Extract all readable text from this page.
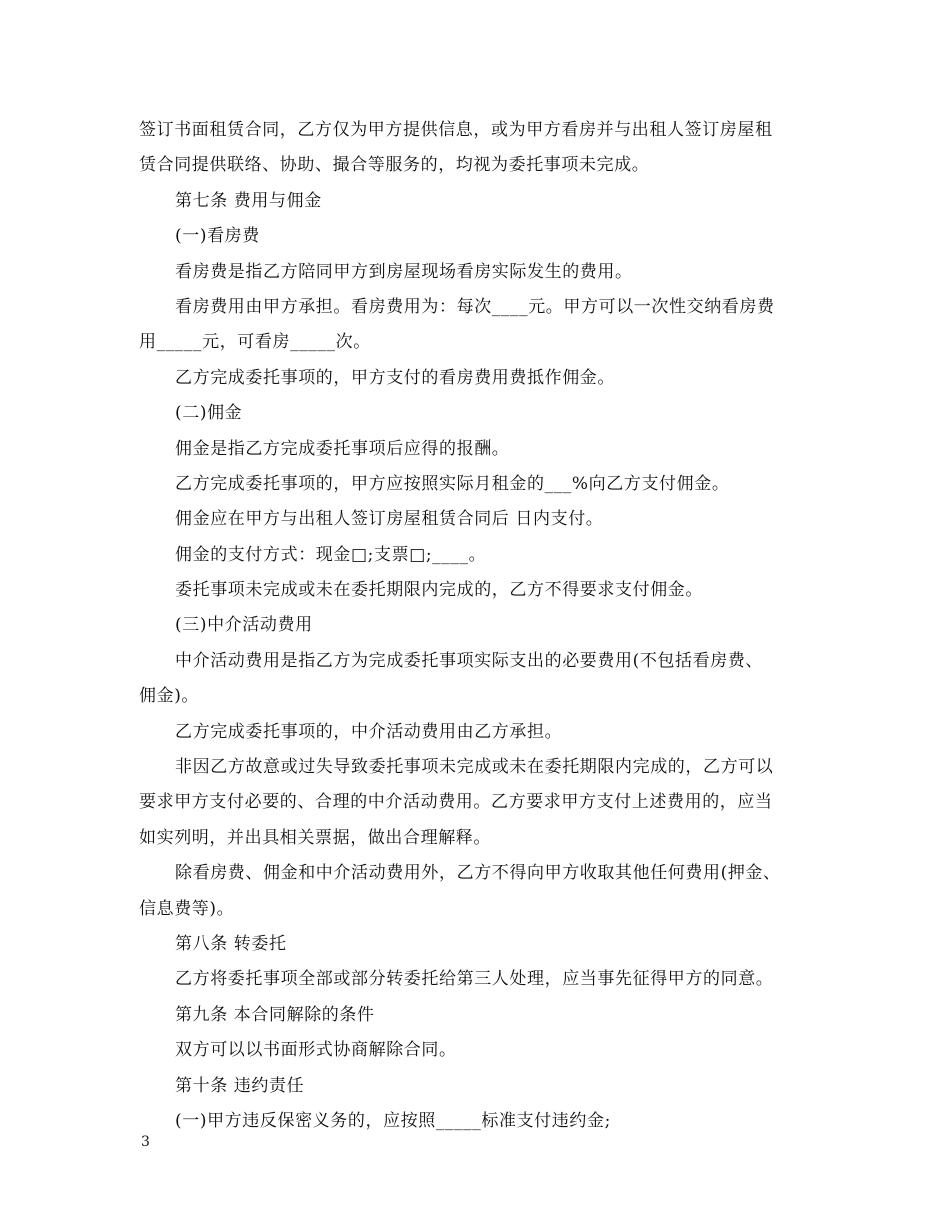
签订书面租赁合同，乙方仅为甲方提供信息，或为甲方看房并与出租人签订房屋租
赁合同提供联络、协助、撮合等服务的，均视为委托事项未完成。
第七条 费用与佣金
(一)看房费
看房费是指乙方陪同甲方到房屋现场看房实际发生的费用。
看房费用由甲方承担。看房费用为：每次____元。甲方可以一次性交纳看房费
用_____元，可看房_____次。
乙方完成委托事项的，甲方支付的看房费用费抵作佣金。
(二)佣金
佣金是指乙方完成委托事项后应得的报酬。
乙方完成委托事项的，甲方应按照实际月租金的___%向乙方支付佣金。
佣金应在甲方与出租人签订房屋租赁合同后 日内支付。
佣金的支付方式：现金□;支票□;____。
委托事项未完成或未在委托期限内完成的，乙方不得要求支付佣金。
(三)中介活动费用
中介活动费用是指乙方为完成委托事项实际支出的必要费用(不包括看房费、
佣金)。
乙方完成委托事项的，中介活动费用由乙方承担。
非因乙方故意或过失导致委托事项未完成或未在委托期限内完成的，乙方可以
要求甲方支付必要的、合理的中介活动费用。乙方要求甲方支付上述费用的，应当
如实列明，并出具相关票据，做出合理解释。
除看房费、佣金和中介活动费用外，乙方不得向甲方收取其他任何费用(押金、
信息费等)。
第八条 转委托
乙方将委托事项全部或部分转委托给第三人处理，应当事先征得甲方的同意。
第九条 本合同解除的条件
双方可以以书面形式协商解除合同。
第十条 违约责任
(一)甲方违反保密义务的，应按照_____标准支付违约金;
3
